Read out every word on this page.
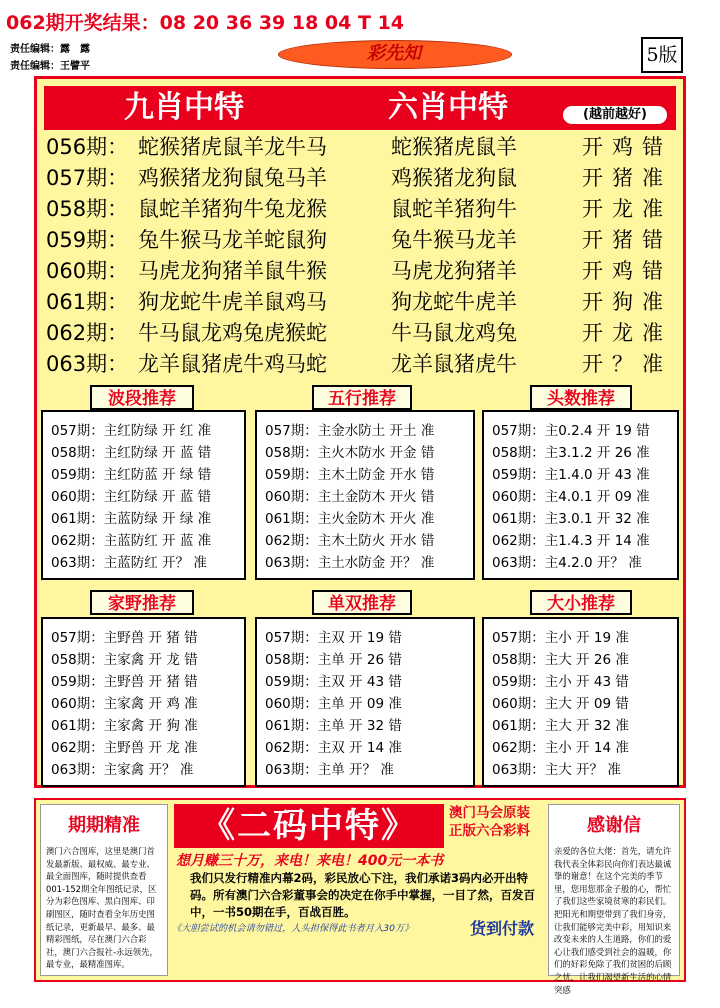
062期开奖结果：08 20 36 39 18 04 T 14
责任编辑：露　露
责任编辑：王譬平
彩先知	5版
九肖中特	六肖中特	(越前越好)
056期： 蛇猴猪虎鼠羊龙牛马	蛇猴猪虎鼠羊	开 鸡 错
057期： 鸡猴猪龙狗鼠兔马羊	鸡猴猪龙狗鼠	开 猪 准
058期： 鼠蛇羊猪狗牛兔龙猴	鼠蛇羊猪狗牛	开 龙 准
059期： 兔牛猴马龙羊蛇鼠狗	兔牛猴马龙羊	开 猪 错
060期： 马虎龙狗猪羊鼠牛猴	马虎龙狗猪羊	开 鸡 错
061期： 狗龙蛇牛虎羊鼠鸡马	狗龙蛇牛虎羊	开 狗 准
062期： 牛马鼠龙鸡兔虎猴蛇	牛马鼠龙鸡兔	开 龙 准
063期： 龙羊鼠猪虎牛鸡马蛇	龙羊鼠猪虎牛	开 ？ 准
波段推荐
057期：主红防绿 开 红 准
058期：主红防绿 开 蓝 错
059期：主红防蓝 开 绿 错
060期：主红防绿 开 蓝 错
061期：主蓝防绿 开 绿 准
062期：主蓝防红 开 蓝 准
063期：主蓝防红 开？ 准
五行推荐
057期：主金水防土 开土 准
058期：主火木防水 开金 错
059期：主木土防金 开水 错
060期：主土金防木 开火 错
061期：主火金防木 开火 准
062期：主木土防火 开水 错
063期：主土水防金 开？ 准
头数推荐
057期：主0.2.4 开 19 错
058期：主3.1.2 开 26 准
059期：主1.4.0 开 43 准
060期：主4.0.1 开 09 准
061期：主3.0.1 开 32 准
062期：主1.4.3 开 14 准
063期：主4.2.0 开？ 准
家野推荐
057期：主野兽 开 猪 错
058期：主家禽 开 龙 错
059期：主野兽 开 猪 错
060期：主家禽 开 鸡 准
061期：主家禽 开 狗 准
062期：主野兽 开 龙 准
063期：主家禽 开？ 准
单双推荐
057期：主双 开 19 错
058期：主单 开 26 错
059期：主双 开 43 错
060期：主单 开 09 准
061期：主单 开 32 错
062期：主双 开 14 准
063期：主单 开？ 准
大小推荐
057期：主小 开 19 准
058期：主大 开 26 准
059期：主小 开 43 错
060期：主大 开 09 错
061期：主大 开 32 准
062期：主小 开 14 准
063期：主大 开？ 准
期期精准
澳门六合图库，这里是澳门首发最新版、最权威、最专业、最全面图库，随时提供查看001-152期全年图纸记录，区分为彩色图库、黑白图库、印刷图区，随时查看全年历史图纸记录，更新最早、最多、最精彩图纸，尽在澳门六合彩社，澳门六合报社-永远领先，最专业，最精准图库。
《二码中特》	澳门马会原装
正版六合彩料
想月赚三十万，来电！来电！400元一本书
我们只发行精准内幕2码，彩民放心下注，我们承诺3码内必开出特码。所有澳门六合彩董事会的决定在你手中掌握，一目了然，百发百中，一书50期在手，百战百胜。
《大胆尝试的机会请勿错过，人头担保得此书者月入30万》	货到付款
感谢信
亲爱的各位大佬：首先，请允许我代表全体彩民向你们表达最诚挚的谢意！在这个完美的季节里，您用您那金子般的心，帮忙了我们这些家境贫寒的彩民们。把阳光和期望带到了我们身旁，让我们能够完美中彩，用知识来改变未来的人生道路，你们的爱心让我们感受到社会的温暖，你们的好彩免除了我们贫困的后顾之忧，让我们渴望新生活的心情突感
